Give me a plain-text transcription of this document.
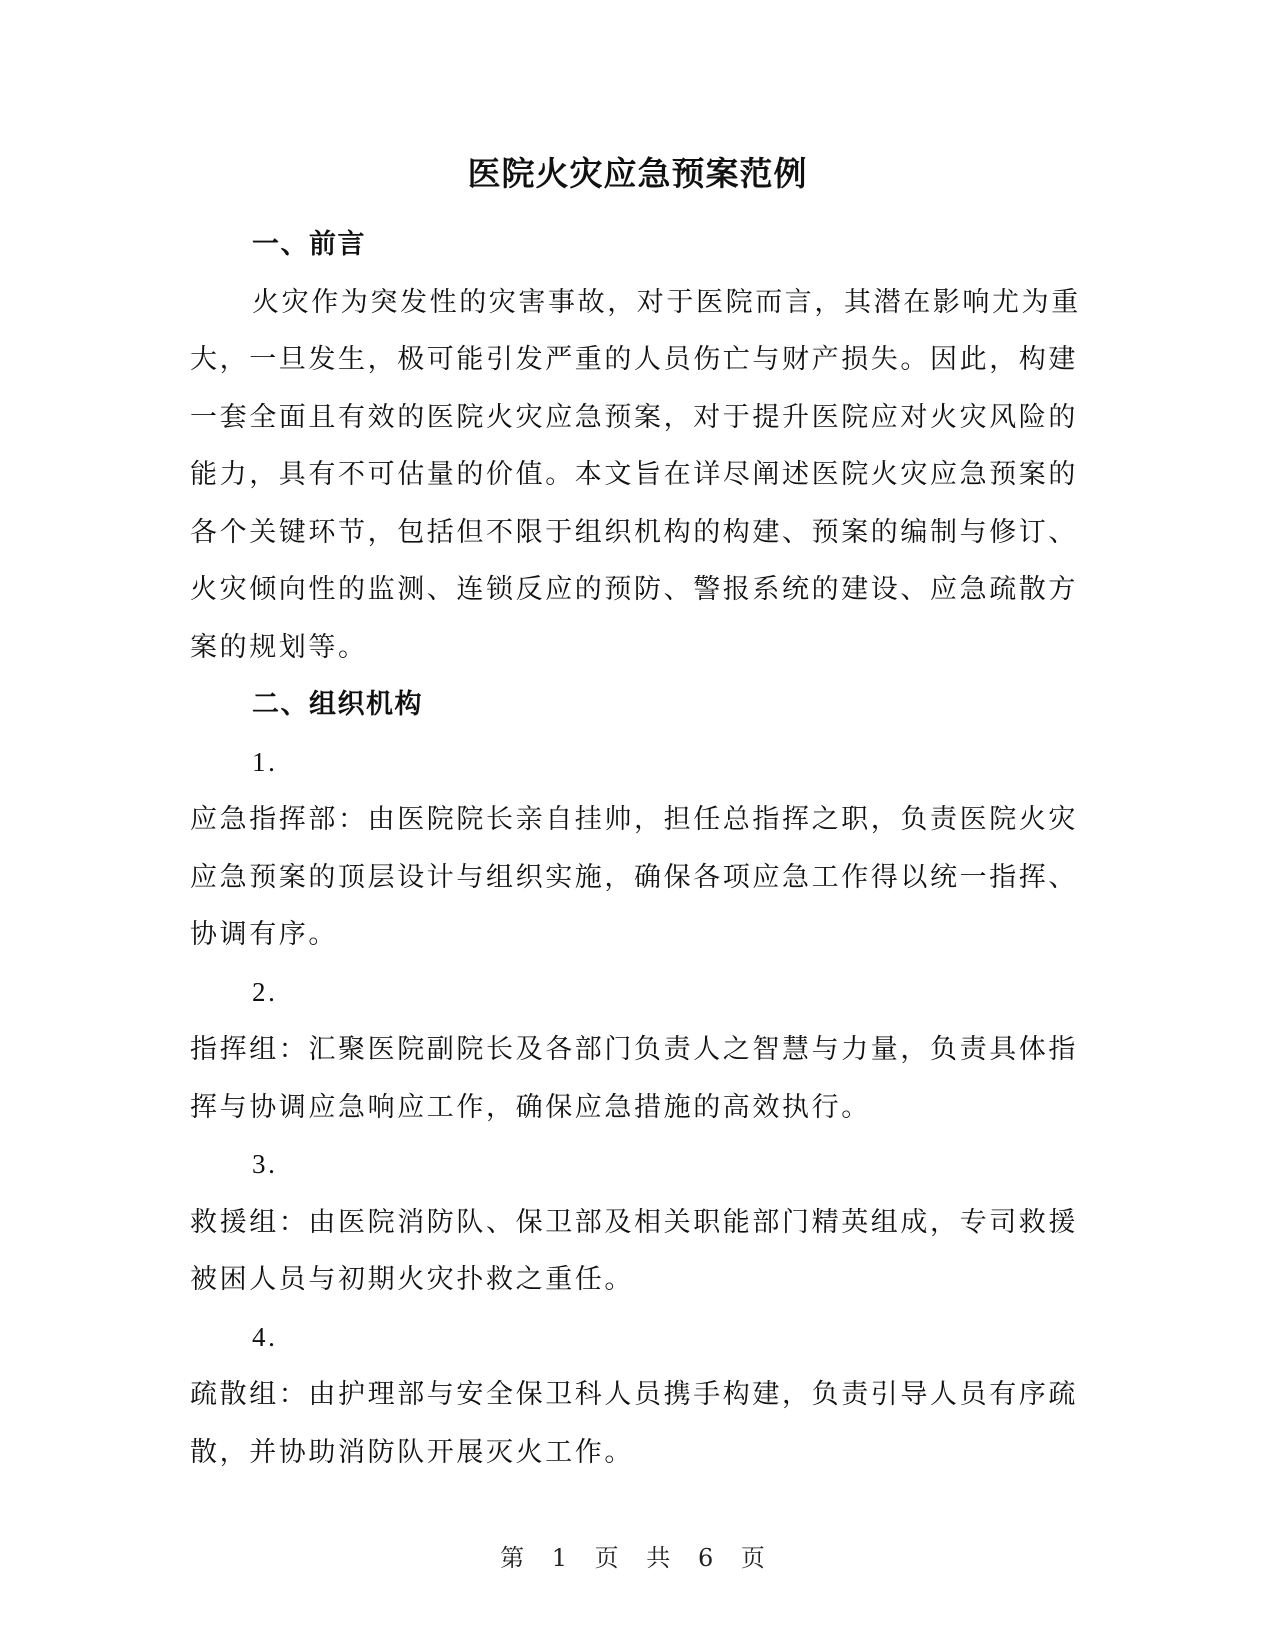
医院火灾应急预案范例
一、前言
火灾作为突发性的灾害事故，对于医院而言，其潜在影响尤为重
大，一旦发生，极可能引发严重的人员伤亡与财产损失。因此，构建
一套全面且有效的医院火灾应急预案，对于提升医院应对火灾风险的
能力，具有不可估量的价值。本文旨在详尽阐述医院火灾应急预案的
各个关键环节，包括但不限于组织机构的构建、预案的编制与修订、
火灾倾向性的监测、连锁反应的预防、警报系统的建设、应急疏散方
案的规划等。
二、组织机构
1.
应急指挥部：由医院院长亲自挂帅，担任总指挥之职，负责医院火灾
应急预案的顶层设计与组织实施，确保各项应急工作得以统一指挥、
协调有序。
2.
指挥组：汇聚医院副院长及各部门负责人之智慧与力量，负责具体指
挥与协调应急响应工作，确保应急措施的高效执行。
3.
救援组：由医院消防队、保卫部及相关职能部门精英组成，专司救援
被困人员与初期火灾扑救之重任。
4.
疏散组：由护理部与安全保卫科人员携手构建，负责引导人员有序疏
散，并协助消防队开展灭火工作。
第 1 页 共 6 页
